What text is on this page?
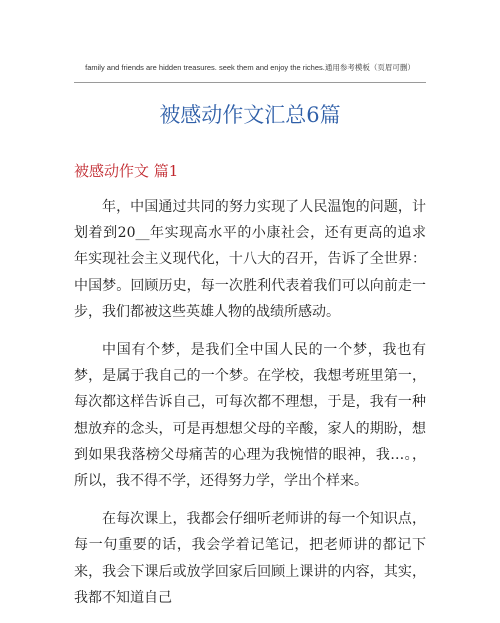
family and friends are hidden treasures. seek them and enjoy the riches.通用参考模板（页眉可删）
被感动作文汇总6篇
被感动作文 篇1

年，中国通过共同的努力实现了人民温饱的问题，计划着到20__年实现高水平的小康社会，还有更高的追求年实现社会主义现代化，十八大的召开，告诉了全世界：中国梦。回顾历史，每一次胜利代表着我们可以向前走一步，我们都被这些英雄人物的战绩所感动。

中国有个梦，是我们全中国人民的一个梦，我也有梦，是属于我自己的一个梦。在学校，我想考班里第一，每次都这样告诉自己，可每次都不理想，于是，我有一种想放弃的念头，可是再想想父母的辛酸，家人的期盼，想到如果我落榜父母痛苦的心理为我惋惜的眼神，我…。，所以，我不得不学，还得努力学，学出个样来。

在每次课上，我都会仔细听老师讲的每一个知识点，每一句重要的话，我会学着记笔记，把老师讲的都记下来，我会下课后或放学回家后回顾上课讲的内容，其实，我都不知道自己
